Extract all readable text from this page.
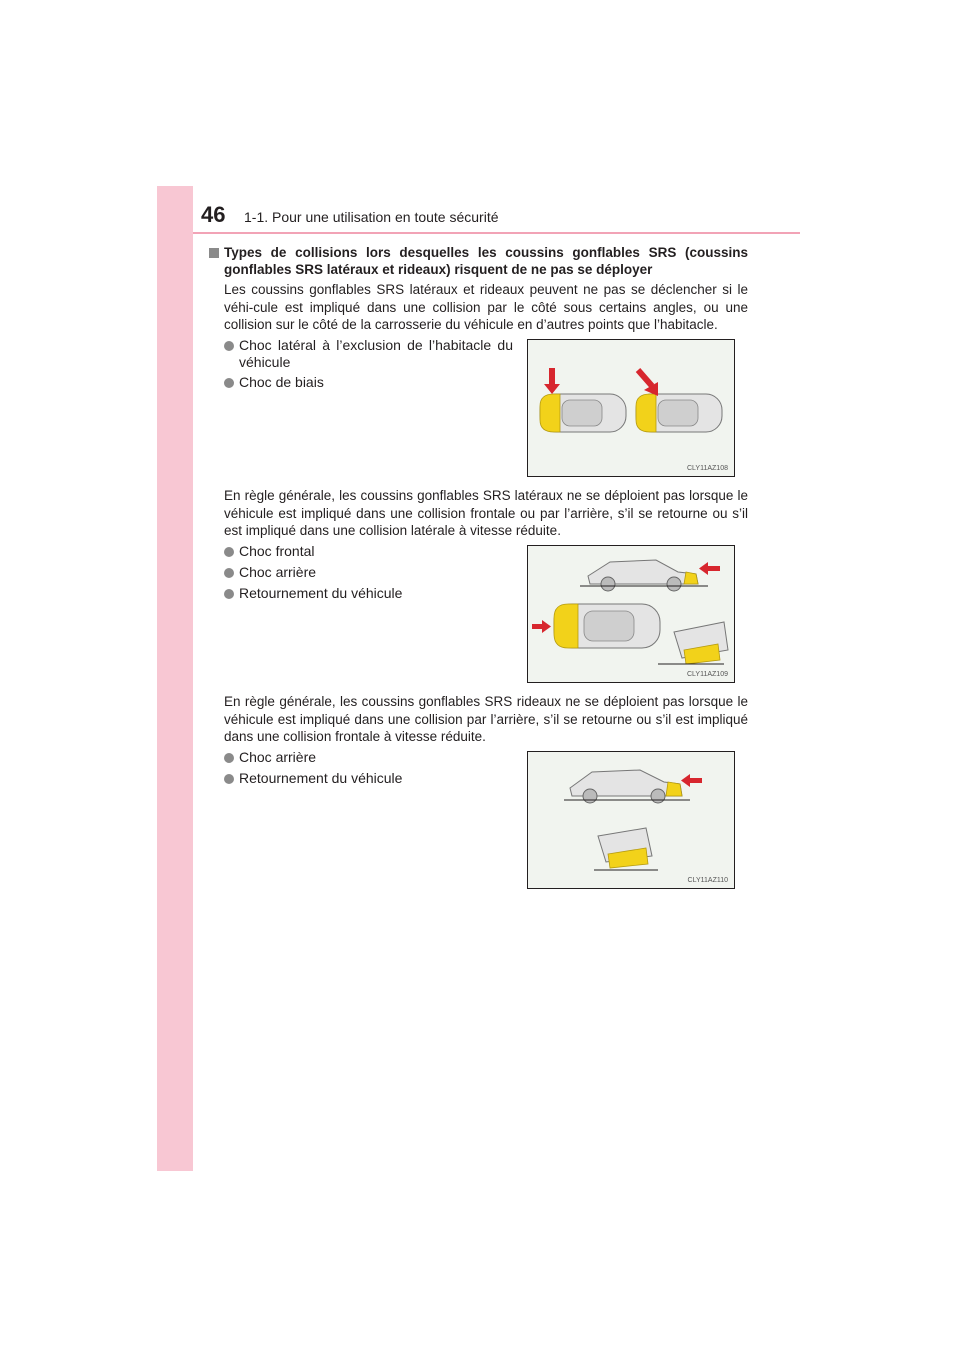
46 1-1. Pour une utilisation en toute sécurité
Types de collisions lors desquelles les coussins gonflables SRS (coussins gonflables SRS latéraux et rideaux) risquent de ne pas se déployer
Les coussins gonflables SRS latéraux et rideaux peuvent ne pas se déclencher si le véhi-cule est impliqué dans une collision par le côté sous certains angles, ou une collision sur le côté de la carrosserie du véhicule en d’autres points que l’habitacle.
Choc latéral à l’exclusion de l’habitacle du véhicule
Choc de biais
CLY11AZ108
En règle générale, les coussins gonflables SRS latéraux ne se déploient pas lorsque le véhicule est impliqué dans une collision frontale ou par l’arrière, s’il se retourne ou s’il est impliqué dans une collision latérale à vitesse réduite.
Choc frontal
Choc arrière
Retournement du véhicule
CLY11AZ109
En règle générale, les coussins gonflables SRS rideaux ne se déploient pas lorsque le véhicule est impliqué dans une collision par l’arrière, s’il se retourne ou s’il est impliqué dans une collision frontale à vitesse réduite.
Choc arrière
Retournement du véhicule
CLY11AZ110
